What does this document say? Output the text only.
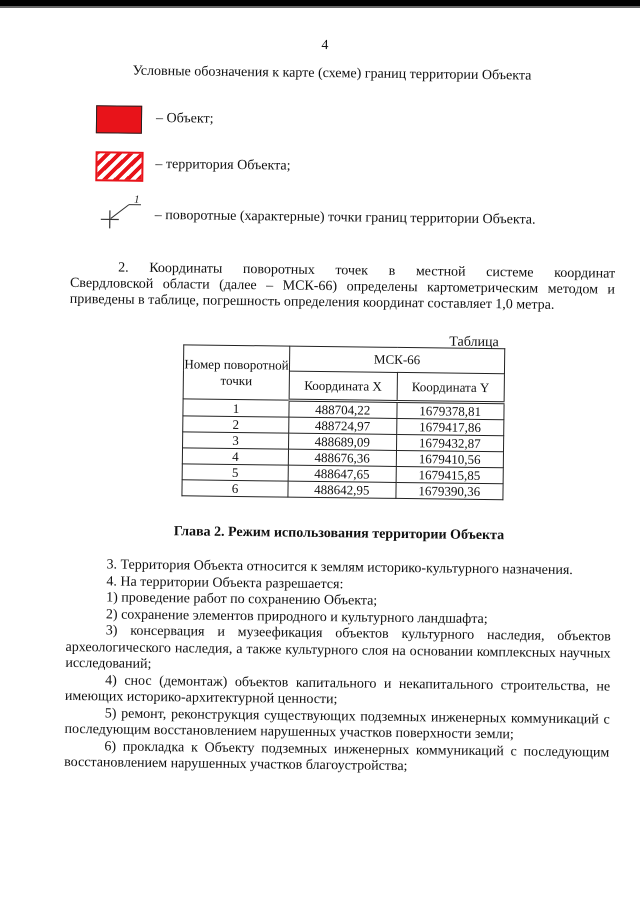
4
Условные обозначения к карте (схеме) границ территории Объекта
– Объект;
– территория Объекта;
1
– поворотные (характерные) точки границ территории Объекта.
2. Координаты поворотных точек в местной системе координат
Свердловской области (далее – МСК-66) определены картометрическим методом и приведены в таблице, погрешность определения координат составляет 1,0 метра.
Таблица
Номер поворотной точки	МСК-66	
	Координата X	Координата Y
1	488704,22	1679378,81
2	488724,97	1679417,86
3	488689,09	1679432,87
4	488676,36	1679410,56
5	488647,65	1679415,85
6	488642,95	1679390,36
Глава 2. Режим использования территории Объекта

3. Территория Объекта относится к землям историко-культурного назначения.

4. На территории Объекта разрешается:

1) проведение работ по сохранению Объекта;

2) сохранение элементов природного и культурного ландшафта;

3) консервация и музеефикация объектов культурного наследия, объектов археологического наследия, а также культурного слоя на основании комплексных научных исследований;

4) снос (демонтаж) объектов капитального и некапитального строительства, не имеющих историко-архитектурной ценности;

5) ремонт, реконструкция существующих подземных инженерных коммуникаций с последующим восстановлением нарушенных участков поверхности земли;

6) прокладка к Объекту подземных инженерных коммуникаций с последующим восстановлением нарушенных участков благоустройства;
